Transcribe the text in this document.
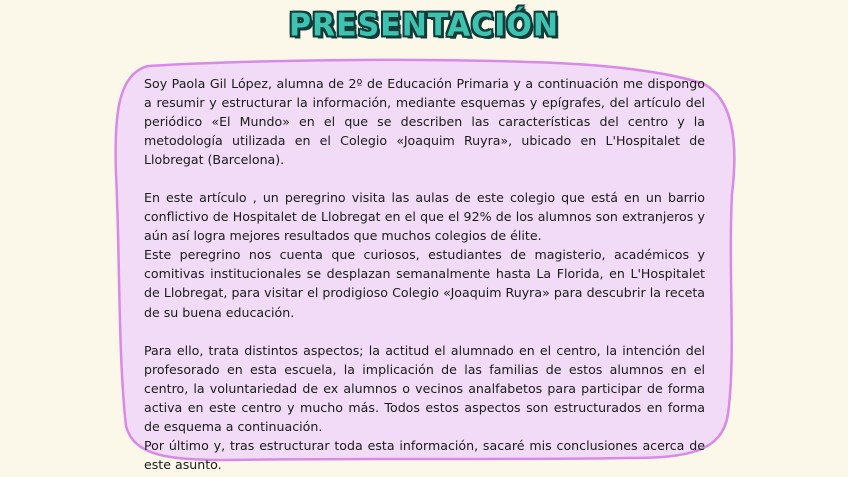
PRESENTACIÓN

Soy Paola Gil López, alumna de 2º de Educación Primaria y a continuación me dispongo a resumir y estructurar la información, mediante esquemas y epígrafes, del artículo del periódico «El Mundo» en el que se describen las características del centro y la metodología utilizada en el Colegio «Joaquim Ruyra», ubicado en L'Hospitalet de Llobregat (Barcelona).

En este artículo , un peregrino visita las aulas de este colegio que está en un barrio conflictivo de Hospitalet de Llobregat en el que el 92% de los alumnos son extranjeros y aún así logra mejores resultados que muchos colegios de élite.

Este peregrino nos cuenta que curiosos, estudiantes de magisterio, académicos y comitivas institucionales se desplazan semanalmente hasta La Florida, en L'Hospitalet de Llobregat, para visitar el prodigioso Colegio «Joaquim Ruyra» para descubrir la receta de su buena educación.

Para ello, trata distintos aspectos; la actitud el alumnado en el centro, la intención del profesorado en esta escuela, la implicación de las familias de estos alumnos en el centro, la voluntariedad de ex alumnos o vecinos analfabetos para participar de forma activa en este centro y mucho más. Todos estos aspectos son estructurados en forma de esquema a continuación.

Por último y, tras estructurar toda esta información, sacaré mis conclusiones acerca de este asunto.
